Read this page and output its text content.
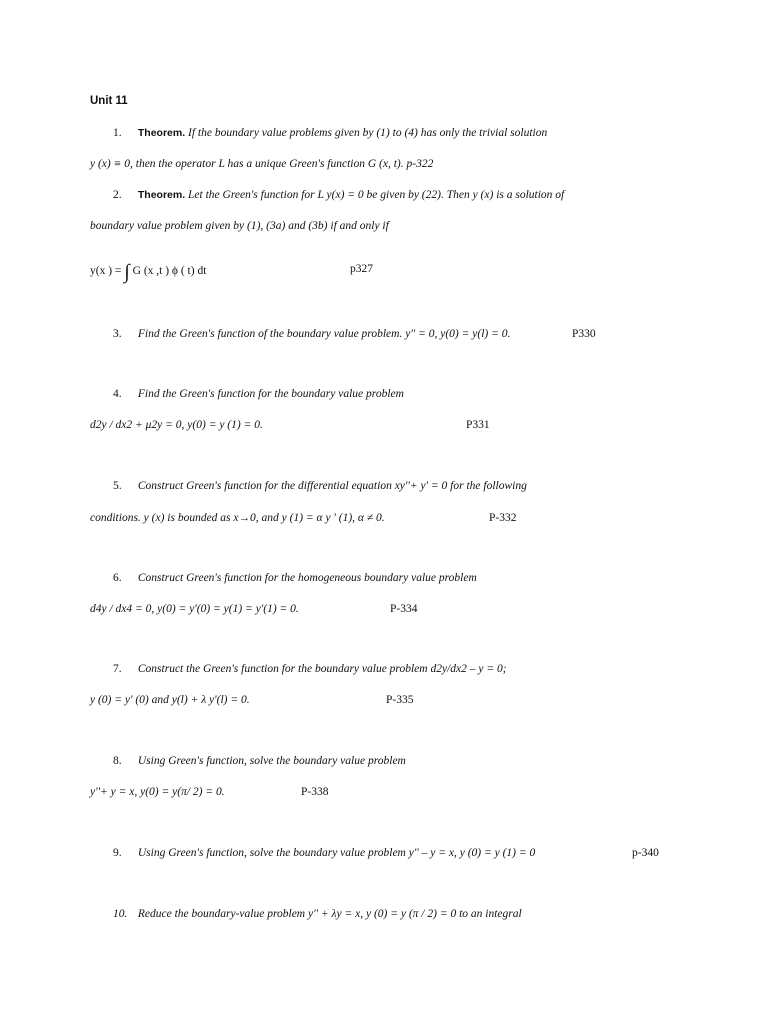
Unit 11
1. Theorem. If the boundary value problems given by (1) to (4) has only the trivial solution
y (x) ≡ 0, then the operator L has a unique Green's function G (x, t). p-322
2. Theorem. Let the Green's function for L y(x) = 0 be given by (22). Then y (x) is a solution of
boundary value problem given by (1), (3a) and (3b) if and only if
y(x ) = ∫ G (x ,t ) ϕ ( t) dt	p327
3. Find the Green's function of the boundary value problem. y'' = 0, y(0) = y(l) = 0.	P330
4. Find the Green's function for the boundary value problem
d2y / dx2 + μ2y = 0, y(0) = y (1) = 0.	P331
5. Construct Green's function for the differential equation xy''+ y' = 0 for the following
conditions. y (x) is bounded as x→0, and y (1) = α y ' (1), α ≠ 0.	P-332
6. Construct Green's function for the homogeneous boundary value problem
d4y / dx4 = 0, y(0) = y'(0) = y(1) = y'(1) = 0.	P-334
7. Construct the Green's function for the boundary value problem d2y/dx2 – y = 0;
y (0) = y' (0) and y(l) + λ y'(l) = 0.	P-335
8. Using Green's function, solve the boundary value problem
y''+ y = x, y(0) = y(π/ 2) = 0.	P-338
9. Using Green's function, solve the boundary value problem y'' – y = x, y (0) = y (1) = 0	p-340
10. Reduce the boundary-value problem y'' + λy = x, y (0) = y (π / 2) = 0 to an integral
